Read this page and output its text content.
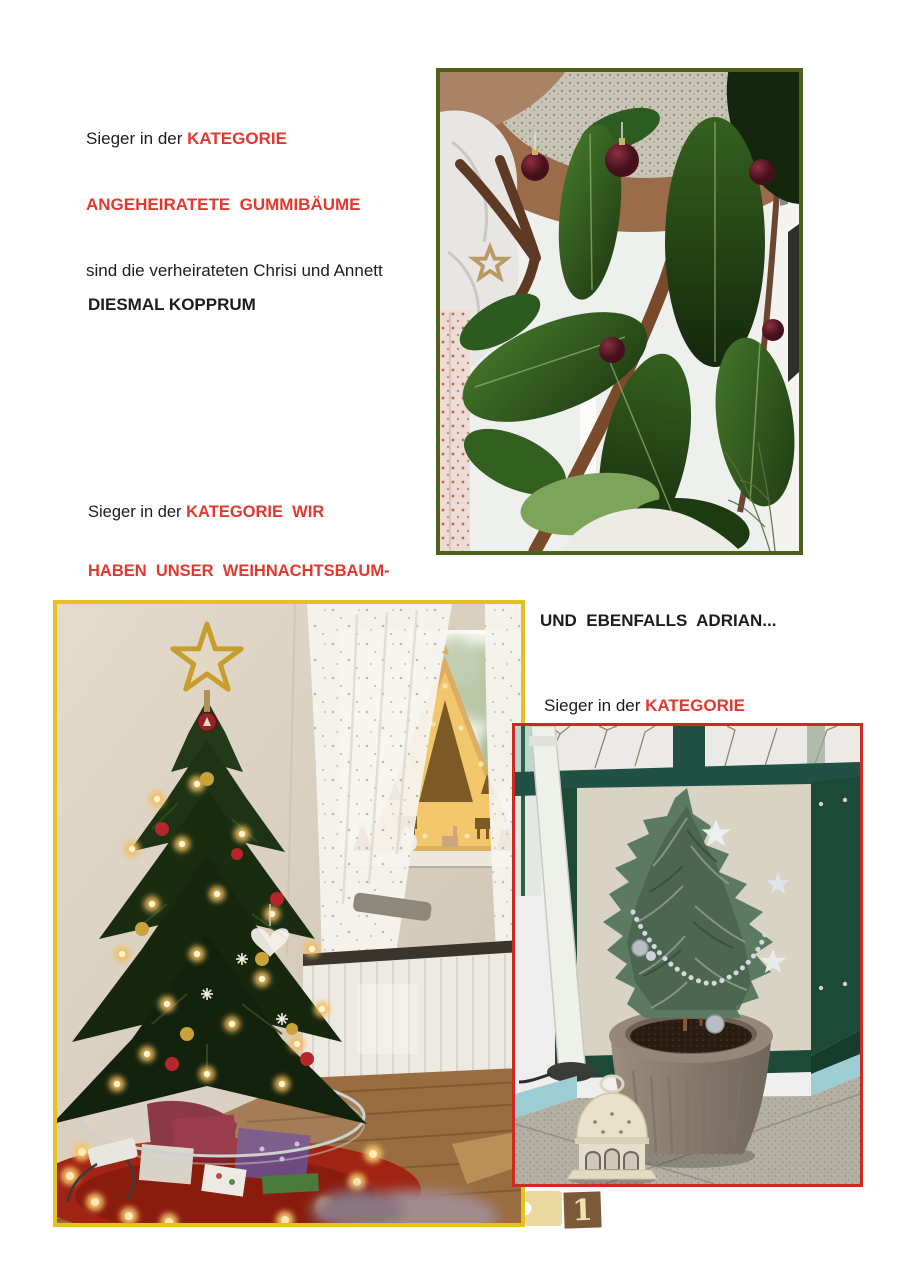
Sieger in der KATEGORIE

ANGEHEIRATETE  GUMMIBÄUME

sind die verheirateten Chrisi und Annett

DIESMAL KOPPRUM

Sieger in der KATEGORIE  WIR

HABEN  UNSER  WEIHNACHTSBAUM-

UND  EBENFALLS  ADRIAN...

Sieger in der KATEGORIE

1
